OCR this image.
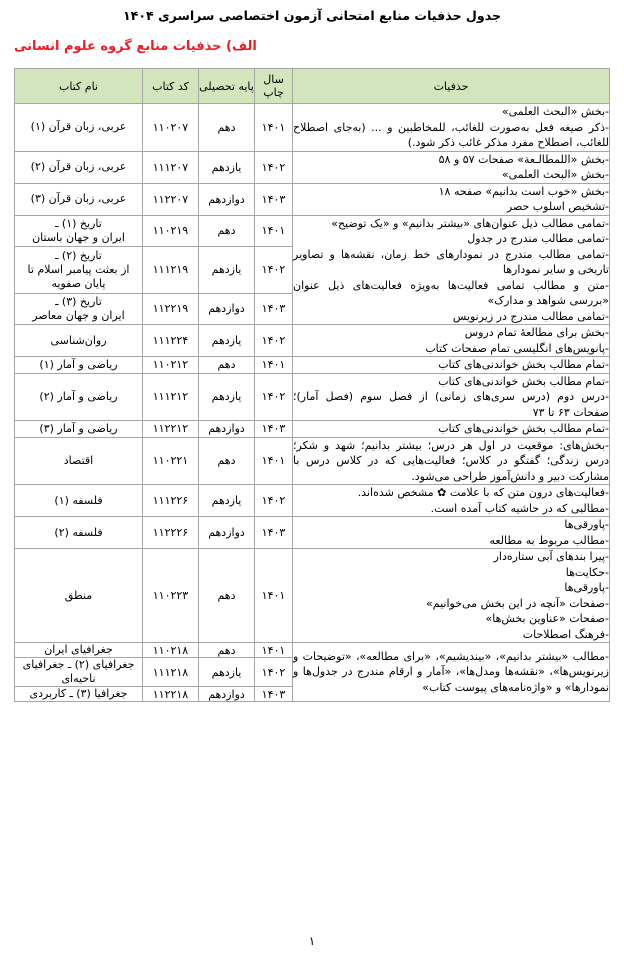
جدول حذفیات منابع امتحانی آزمون اختصاصی سراسری ۱۴۰۴
الف) حذفیات منابع گروه علوم انسانی
حذفیات	سال چاپ	پایه تحصیلی	کد کتاب	نام کتاب

‐ بخش «البحث العلمی»
‐ ذکر صیغه فعل به‌صورت للغائب، للمخاطبین و ... (به‌جای اصطلاح للغائب، اصطلاح مفرد مذکر غائب ذکر شود.)
	۱۴۰۱	دهم	۱۱۰۲۰۷	عربی، زبان قرآن (۱)

‐ بخش «اللمطالـعة» صفحات ۵۷ و ۵۸
‐ بخش «البحث العلمی»
	۱۴۰۲	یازدهم	۱۱۱۲۰۷	عربی، زبان قرآن (۲)

‐ بخش «خوب است بدانیم» صفحه ۱۸
‐ تشخیص اسلوب حصر
	۱۴۰۳	دوازدهم	۱۱۲۲۰۷	عربی، زبان قرآن (۳)

‐ تمامی مطالب ذیل عنوان‌های «بیشتر بدانیم» و «یک توضیح»
‐ تمامی مطالب مندرج در جدول
‐ تمامی مطالب مندرج در نمودارهای خط زمان، نقشه‌ها و تصاویر تاریخی و سایر نمودارها
‐ متن و مطالب تمامی فعالیت‌ها به‌ویژه فعالیت‌های ذیل عنوان «بررسی شواهد و مدارک»
‐ تمامی مطالب مندرج در زیرنویس
	۱۴۰۱	دهم	۱۱۰۲۱۹	تاریخ (۱) ـ
ایران و جهان باستان
	۱۴۰۲	یازدهم	۱۱۱۲۱۹	تاریخ (۲) ـ
از بعثت پیامبر اسلام تا
پایان صفویه
	۱۴۰۳	دوازدهم	۱۱۲۲۱۹	تاریخ (۳) ـ
ایران و جهان معاصر

‐ بخش برای مطالعهٔ تمام دروس
‐ پانویس‌های انگلیسی تمام صفحات کتاب
	۱۴۰۲	یازدهم	۱۱۱۲۲۴	روان‌شناسی

‐ تمام مطالب بخش خواندنی‌های کتاب
	۱۴۰۱	دهم	۱۱۰۲۱۲	ریاضی و آمار (۱)

‐ تمام مطالب بخش خواندنی‌های کتاب
‐ درس دوم (درس سری‌های زمانی) از فصل سوم (فصل آمار)؛ صفحات ۶۳ تا ۷۳
	۱۴۰۲	یازدهم	۱۱۱۲۱۲	ریاضی و آمار (۲)

‐ تمام مطالب بخش خواندنی‌های کتاب
	۱۴۰۳	دوازدهم	۱۱۲۲۱۲	ریاضی و آمار (۳)

‐ بخش‌های: موقعیت در اول هر درس؛ بیشتر بدانیم؛ شهد و شکر؛ درس زندگی؛ گفتگو در کلاس؛ فعالیت‌هایی که در کلاس درس با مشارکت دبیر و دانش‌آموز طراحی می‌شود.
	۱۴۰۱	دهم	۱۱۰۲۲۱	اقتصاد

‐ فعالیت‌های درون متن که با علامت ✿ مشخص شده‌اند.
‐ مطالبی که در حاشیه کتاب آمده است.
	۱۴۰۲	یازدهم	۱۱۱۲۲۶	فلسفه (۱)

‐ پاورقی‌ها
‐ مطالب مربوط به مطالعه
	۱۴۰۳	دوازدهم	۱۱۲۲۲۶	فلسفه (۲)

‐ پیرا بندهای آبی ستاره‌دار
‐ حکایت‌ها
‐ پاورقی‌ها
‐ صفحات «آنچه در این بخش می‌خوانیم»
‐ صفحات «عناوین بخش‌ها»
‐ فرهنگ اصطلاحات
	۱۴۰۱	دهم	۱۱۰۲۲۳	منطق

‐ مطالب «بیشتر بدانیم»، «بیندیشیم»، «برای مطالعه»، «توضیحات و زیرنویس‌ها»، «نقشه‌ها ومدل‌ها»، «آمار و ارقام مندرج در جدول‌ها و نمودارها» و «واژه‌نامه‌های پیوست کتاب»
	۱۴۰۱	دهم	۱۱۰۲۱۸	جغرافیای ایران
	۱۴۰۲	یازدهم	۱۱۱۲۱۸	جغرافیای (۲) ـ جغرافیای ناحیه‌ای
	۱۴۰۳	دوازدهم	۱۱۲۲۱۸	جغرافیا (۳) ـ کاربردی
۱
